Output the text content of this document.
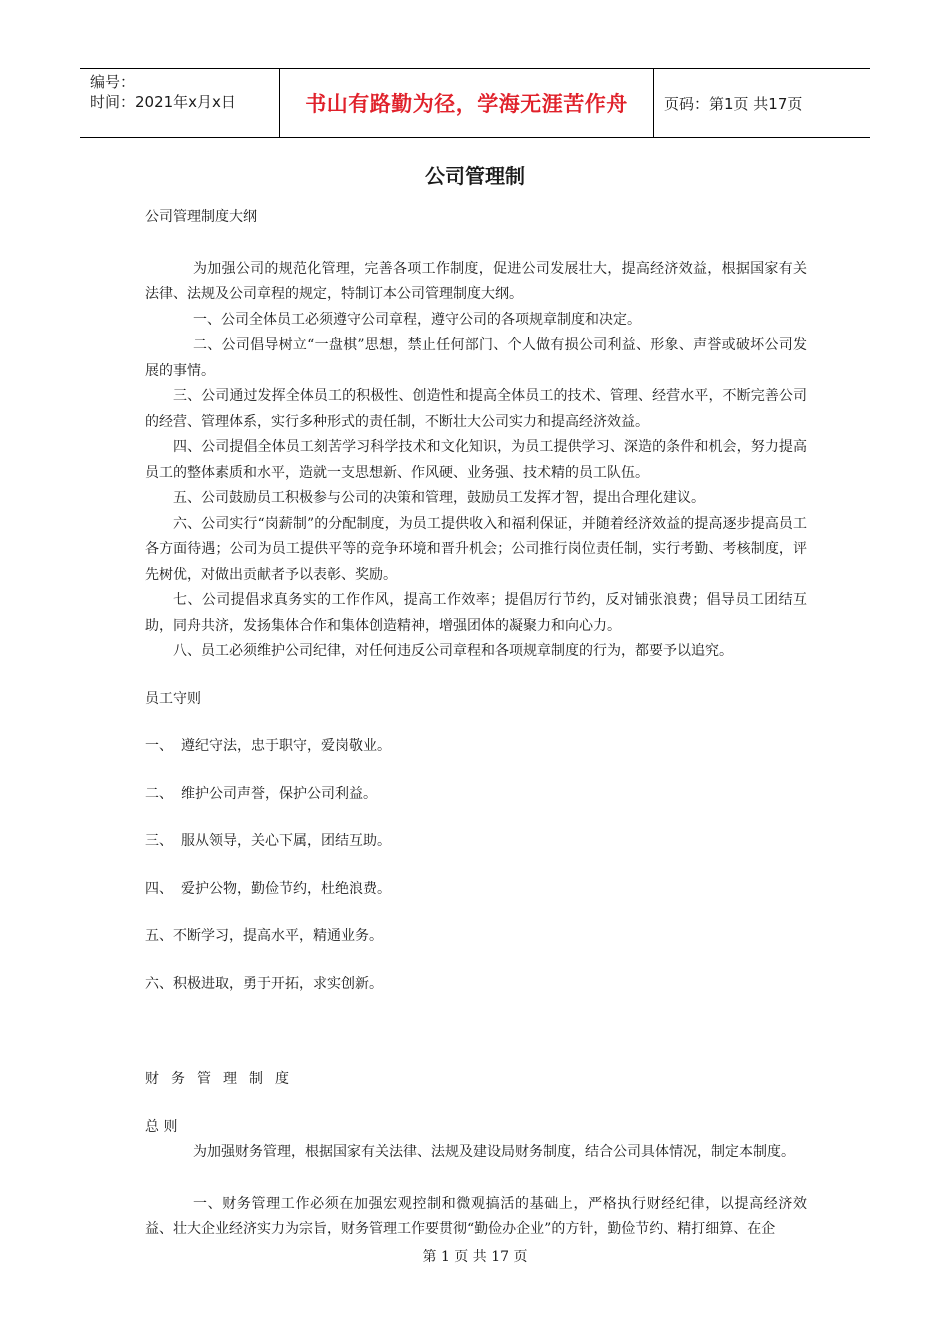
编号：
时间：2021年x月x日	书山有路勤为径，学海无涯苦作舟	页码：第1页 共17页
公司管理制

公司管理制度大纲

为加强公司的规范化管理，完善各项工作制度，促进公司发展壮大，提高经济效益，根据国家有关法律、法规及公司章程的规定，特制订本公司管理制度大纲。

一、公司全体员工必须遵守公司章程，遵守公司的各项规章制度和决定。

二、公司倡导树立“一盘棋”思想，禁止任何部门、个人做有损公司利益、形象、声誉或破坏公司发展的事情。

三、公司通过发挥全体员工的积极性、创造性和提高全体员工的技术、管理、经营水平，不断完善公司的经营、管理体系，实行多种形式的责任制，不断壮大公司实力和提高经济效益。

四、公司提倡全体员工刻苦学习科学技术和文化知识，为员工提供学习、深造的条件和机会，努力提高员工的整体素质和水平，造就一支思想新、作风硬、业务强、技术精的员工队伍。

五、公司鼓励员工积极参与公司的决策和管理，鼓励员工发挥才智，提出合理化建议。

六、公司实行“岗薪制”的分配制度，为员工提供收入和福利保证，并随着经济效益的提高逐步提高员工各方面待遇；公司为员工提供平等的竞争环境和晋升机会；公司推行岗位责任制，实行考勤、考核制度，评先树优，对做出贡献者予以表彰、奖励。

七、公司提倡求真务实的工作作风，提高工作效率；提倡厉行节约，反对铺张浪费；倡导员工团结互助，同舟共济，发扬集体合作和集体创造精神，增强团体的凝聚力和向心力。

八、员工必须维护公司纪律，对任何违反公司章程和各项规章制度的行为，都要予以追究。

员工守则

一、 遵纪守法，忠于职守，爱岗敬业。
二、 维护公司声誉，保护公司利益。
三、 服从领导，关心下属，团结互助。
四、 爱护公物，勤俭节约，杜绝浪费。

五、不断学习，提高水平，精通业务。

六、积极进取，勇于开拓，求实创新。

财务管理制度

总 则

为加强财务管理，根据国家有关法律、法规及建设局财务制度，结合公司具体情况，制定本制度。

一、财务管理工作必须在加强宏观控制和微观搞活的基础上，严格执行财经纪律，以提高经济效益、壮大企业经济实力为宗旨，财务管理工作要贯彻“勤俭办企业”的方针，勤俭节约、精打细算、在企

第 1 页 共 17 页
